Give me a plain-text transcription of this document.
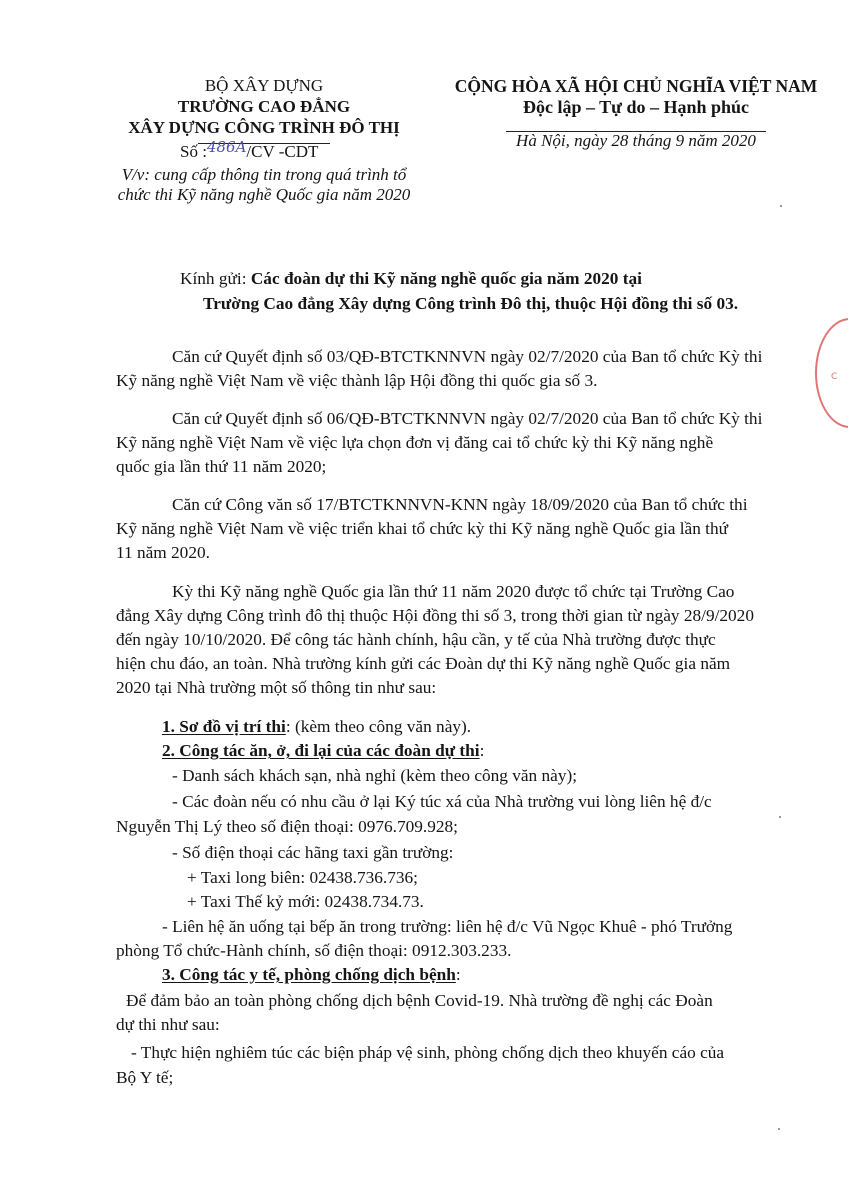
BỘ XÂY DỰNG
TRƯỜNG CAO ĐẲNG
XÂY DỰNG CÔNG TRÌNH ĐÔ THỊ
Số :486A/CV -CDT
V/v: cung cấp thông tin trong quá trình tổ
chức thi Kỹ năng nghề Quốc gia năm 2020
CỘNG HÒA XÃ HỘI CHỦ NGHĨA VIỆT NAM
Độc lập – Tự do – Hạnh phúc
Hà Nội, ngày 28 tháng 9 năm 2020
Kính gửi: Các đoàn dự thi Kỹ năng nghề quốc gia năm 2020 tại
Trường Cao đẳng Xây dựng Công trình Đô thị, thuộc Hội đồng thi số 03.
C
Căn cứ Quyết định số 03/QĐ-BTCTKNNVN ngày 02/7/2020 của Ban tổ chức Kỳ thi
Kỹ năng nghề Việt Nam về việc thành lập Hội đồng thi quốc gia số 3.
Căn cứ Quyết định số 06/QĐ-BTCTKNNVN ngày 02/7/2020 của Ban tổ chức Kỳ thi
Kỹ năng nghề Việt Nam về việc lựa chọn đơn vị đăng cai tổ chức kỳ thi Kỹ năng nghề
quốc gia lần thứ 11 năm 2020;
Căn cứ Công văn số 17/BTCTKNNVN-KNN ngày 18/09/2020 của Ban tổ chức thi
Kỹ năng nghề Việt Nam về việc triển khai tổ chức kỳ thi Kỹ năng nghề Quốc gia lần thứ
11 năm 2020.
Kỳ thi Kỹ năng nghề Quốc gia lần thứ 11 năm 2020 được tổ chức tại Trường Cao
đẳng Xây dựng Công trình đô thị thuộc Hội đồng thi số 3, trong thời gian từ ngày 28/9/2020
đến ngày 10/10/2020. Để công tác hành chính, hậu cần, y tế của Nhà trường được thực
hiện chu đáo, an toàn. Nhà trường kính gửi các Đoàn dự thi Kỹ năng nghề Quốc gia năm
2020 tại Nhà trường một số thông tin như sau:
1. Sơ đồ vị trí thi: (kèm theo công văn này).
2. Công tác ăn, ở, đi lại của các đoàn dự thi:
- Danh sách khách sạn, nhà nghỉ (kèm theo công văn này);
- Các đoàn nếu có nhu cầu ở lại Ký túc xá của Nhà trường vui lòng liên hệ đ/c
Nguyễn Thị Lý theo số điện thoại: 0976.709.928;
- Số điện thoại các hãng taxi gần trường:
+ Taxi long biên: 02438.736.736;
+ Taxi Thế kỷ mới: 02438.734.73.
- Liên hệ ăn uống tại bếp ăn trong trường: liên hệ đ/c Vũ Ngọc Khuê - phó Trưởng
phòng Tổ chức-Hành chính, số điện thoại: 0912.303.233.
3. Công tác y tế, phòng chống dịch bệnh:
Để đảm bảo an toàn phòng chống dịch bệnh Covid-19. Nhà trường đề nghị các Đoàn
dự thi như sau:
- Thực hiện nghiêm túc các biện pháp vệ sinh, phòng chống dịch theo khuyến cáo của
Bộ Y tế;
